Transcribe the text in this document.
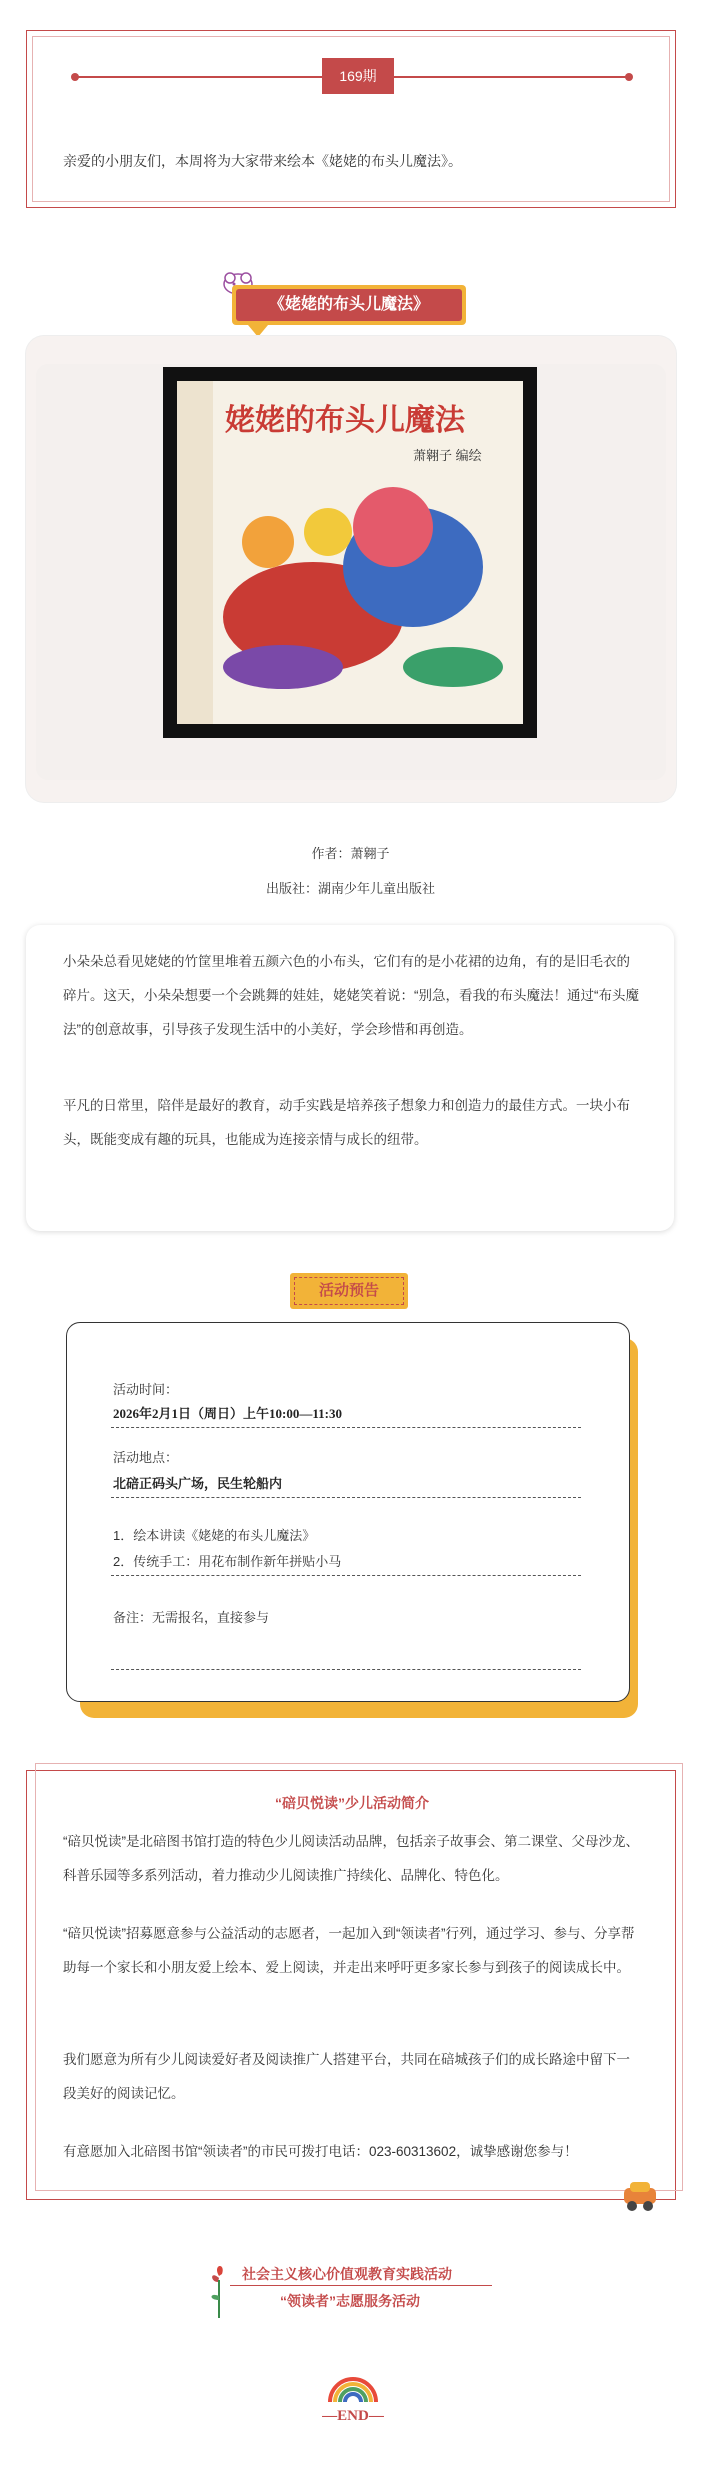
169期
亲爱的小朋友们，本周将为大家带来绘本《姥姥的布头儿魔法》。
《姥姥的布头儿魔法》
姥姥的布头儿魔法
萧翱子 编绘
作者：萧翱子
出版社：湖南少年儿童出版社

小朵朵总看见姥姥的竹筐里堆着五颜六色的小布头，它们有的是小花裙的边角，有的是旧毛衣的碎片。这天，小朵朵想要一个会跳舞的娃娃，姥姥笑着说：“别急，看我的布头魔法！通过“布头魔法”的创意故事，引导孩子发现生活中的小美好，学会珍惜和再创造。

平凡的日常里，陪伴是最好的教育，动手实践是培养孩子想象力和创造力的最佳方式。一块小布头，既能变成有趣的玩具，也能成为连接亲情与成长的纽带。

活动预告
活动时间：
2026年2月1日（周日）上午10:00—11:30
活动地点：
北碚正码头广场，民生轮船内
1．绘本讲读《姥姥的布头儿魔法》
2．传统手工：用花布制作新年拼贴小马
备注：无需报名，直接参与
“碚贝悦读”少儿活动简介

“碚贝悦读”是北碚图书馆打造的特色少儿阅读活动品牌，包括亲子故事会、第二课堂、父母沙龙、科普乐园等多系列活动，着力推动少儿阅读推广持续化、品牌化、特色化。

“碚贝悦读”招募愿意参与公益活动的志愿者，一起加入到“领读者”行列，通过学习、参与、分享帮助每一个家长和小朋友爱上绘本、爱上阅读，并走出来呼吁更多家长参与到孩子的阅读成长中。

我们愿意为所有少儿阅读爱好者及阅读推广人搭建平台，共同在碚城孩子们的成长路途中留下一段美好的阅读记忆。

有意愿加入北碚图书馆“领读者”的市民可拨打电话：023-60313602，诚挚感谢您参与！

社会主义核心价值观教育实践活动
“领读者”志愿服务活动
—END—
